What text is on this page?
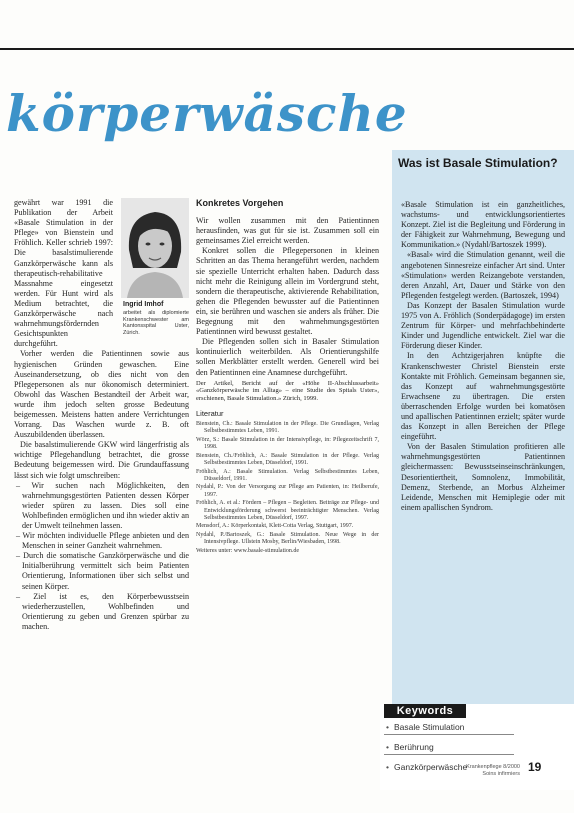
körperwäsche
Ingrid Imhof
arbeitet als diplomierte Krankenschwester am Kantonsspital Uster, Zürich.

gewährt war 1991 die Publikation der Arbeit «Basale Stimulation in der Pflege» von Bienstein und Fröhlich. Keller schrieb 1997: Die basalstimulierende Ganzkörperwäsche kann als therapeutisch-rehabilitative Massnahme eingesetzt werden. Für Hunt wird als Medium betrachtet, die Ganzkörperwäsche nach wahrnehmungsfördernden Gesichtspunkten durchgeführt.

Vorher werden die Patientinnen sowie aus hygienischen Gründen gewaschen. Eine Auseinandersetzung, ob dies nicht von den Pflegepersonen als nur ökonomisch determiniert. Obwohl das Waschen Bestandteil der Arbeit war, wurde ihm jedoch selten grosse Bedeutung beigemessen. Meistens hatten andere Verrichtungen Vorrang. Das Waschen wurde z. B. oft Auszubildenden überlassen.

Die basalstimulierende GKW wird längerfristig als wichtige Pflegehandlung betrachtet, die grosse Bedeutung beigemessen wird. Die Grundauffassung lässt sich wie folgt umschreiben:

– Wir suchen nach Möglichkeiten, den wahrnehmungsgestörten Patienten dessen Körper wieder spüren zu lassen. Dies soll eine Wohlbefinden ermöglichen und ihn wieder aktiv an der Umwelt teilnehmen lassen.
– Wir möchten individuelle Pflege anbieten und den Menschen in seiner Ganzheit wahrnehmen.
– Durch die somatische Ganzkörperwäsche und die Initialberührung vermittelt sich beim Patienten Orientierung, Informationen über sich selbst und seinen Körper.
– Ziel ist es, den Körperbewusstsein wiederherzustellen, Wohlbefinden und Orientierung zu geben und Grenzen spürbar zu machen.
Konkretes Vorgehen

Wir wollen zusammen mit den Patientinnen herausfinden, was gut für sie ist. Zusammen soll ein gemeinsames Ziel erreicht werden.

Konkret sollen die Pflegepersonen in kleinen Schritten an das Thema herangeführt werden, nachdem sie spezielle Unterricht erhalten haben. Dadurch dass nicht mehr die Reinigung allein im Vordergrund steht, sondern die therapeutische, aktivierende Rehabilitation, gehen die Pflegenden bewusster auf die Patientinnen ein, sie berühren und waschen sie anders als früher. Die Begegnung mit den wahrnehmungsgestörten Patientinnen wird bewusst gestaltet.

Die Pflegenden sollen sich in Basaler Stimulation kontinuierlich weiterbilden. Als Orientierungshilfe sollen Merkblätter erstellt werden. Generell wird bei den Patientinnen eine Anamnese durchgeführt.

Der Artikel, Bericht auf der «Höhe II-Abschlussarbeit» «Ganzkörperwäsche im Alltag» – eine Studie des Spitals Uster», erschienen, Basale Stimulation.» Zürich, 1999.
Literatur
Bienstein, Ch.: Basale Stimulation in der Pflege. Die Grundlagen, Verlag Selbstbestimmtes Leben, 1991.
Wörz, S.: Basale Stimulation in der Intensivpflege, in: Pflegezeitschrift 7, 1998.
Bienstein, Ch./Fröhlich, A.: Basale Stimulation in der Pflege. Verlag Selbstbestimmtes Leben, Düsseldorf, 1991.
Fröhlich, A.: Basale Stimulation. Verlag Selbstbestimmtes Leben, Düsseldorf, 1991.
Nydahl, P.: Von der Versorgung zur Pflege am Patienten, in: Heilberufe, 1997.
Fröhlich, A. et al.: Fördern – Pflegen – Begleiten. Beiträge zur Pflege- und Entwicklungsförderung schwerst beeinträchtigter Menschen. Verlag Selbstbestimmtes Leben, Düsseldorf, 1997.
Mensdorf, A.: Körperkontakt, Klett-Cotta Verlag, Stuttgart, 1997.
Nydahl, P./Bartoszek, G.: Basale Stimulation. Neue Wege in der Intensivpflege. Ullstein Mosby, Berlin/Wiesbaden, 1998.
Weiteres unter: www.basale-stimulation.de
Was ist Basale Stimulation?

«Basale Stimulation ist ein ganzheitliches, wachstums- und entwicklungsorientiertes Konzept. Ziel ist die Begleitung und Förderung in der Fähigkeit zur Wahrnehmung, Bewegung und Kommunikation.» (Nydahl/Bartoszek 1999).

«Basal» wird die Stimulation genannt, weil die angebotenen Sinnesreize einfacher Art sind. Unter «Stimulation» werden Reizangebote verstanden, deren Anzahl, Art, Dauer und Stärke von den Pflegenden festgelegt werden. (Bartoszek, 1994)

Das Konzept der Basalen Stimulation wurde 1975 von A. Fröhlich (Sonderpädagoge) im ersten Zentrum für Körper- und mehrfachbehinderte Kinder und Jugendliche entwickelt. Ziel war die Förderung dieser Kinder.

In den Achtzigerjahren knüpfte die Krankenschwester Christel Bienstein erste Kontakte mit Fröhlich. Gemeinsam begannen sie, das Konzept auf wahrnehmungsgestörte Erwachsene zu übertragen. Die ersten überraschenden Erfolge wurden bei komatösen und apallischen Patientinnen erzielt; später wurde das Konzept in allen Bereichen der Pflege eingeführt.

Von der Basalen Stimulation profitieren alle wahrnehmungsgestörten Patientinnen gleichermassen: Bewusstseinseinschränkungen, Desorientiertheit, Somnolenz, Immobilität, Demenz, Sterbende, an Morbus Alzheimer Leidende, Menschen mit Hemiplegie oder mit einem apallischen Syndrom.

Keywords
• Basale Stimulation
• Berührung
• Ganzkörperwäsche
Krankenpflege 8/2000 Soins infirmiers 19
